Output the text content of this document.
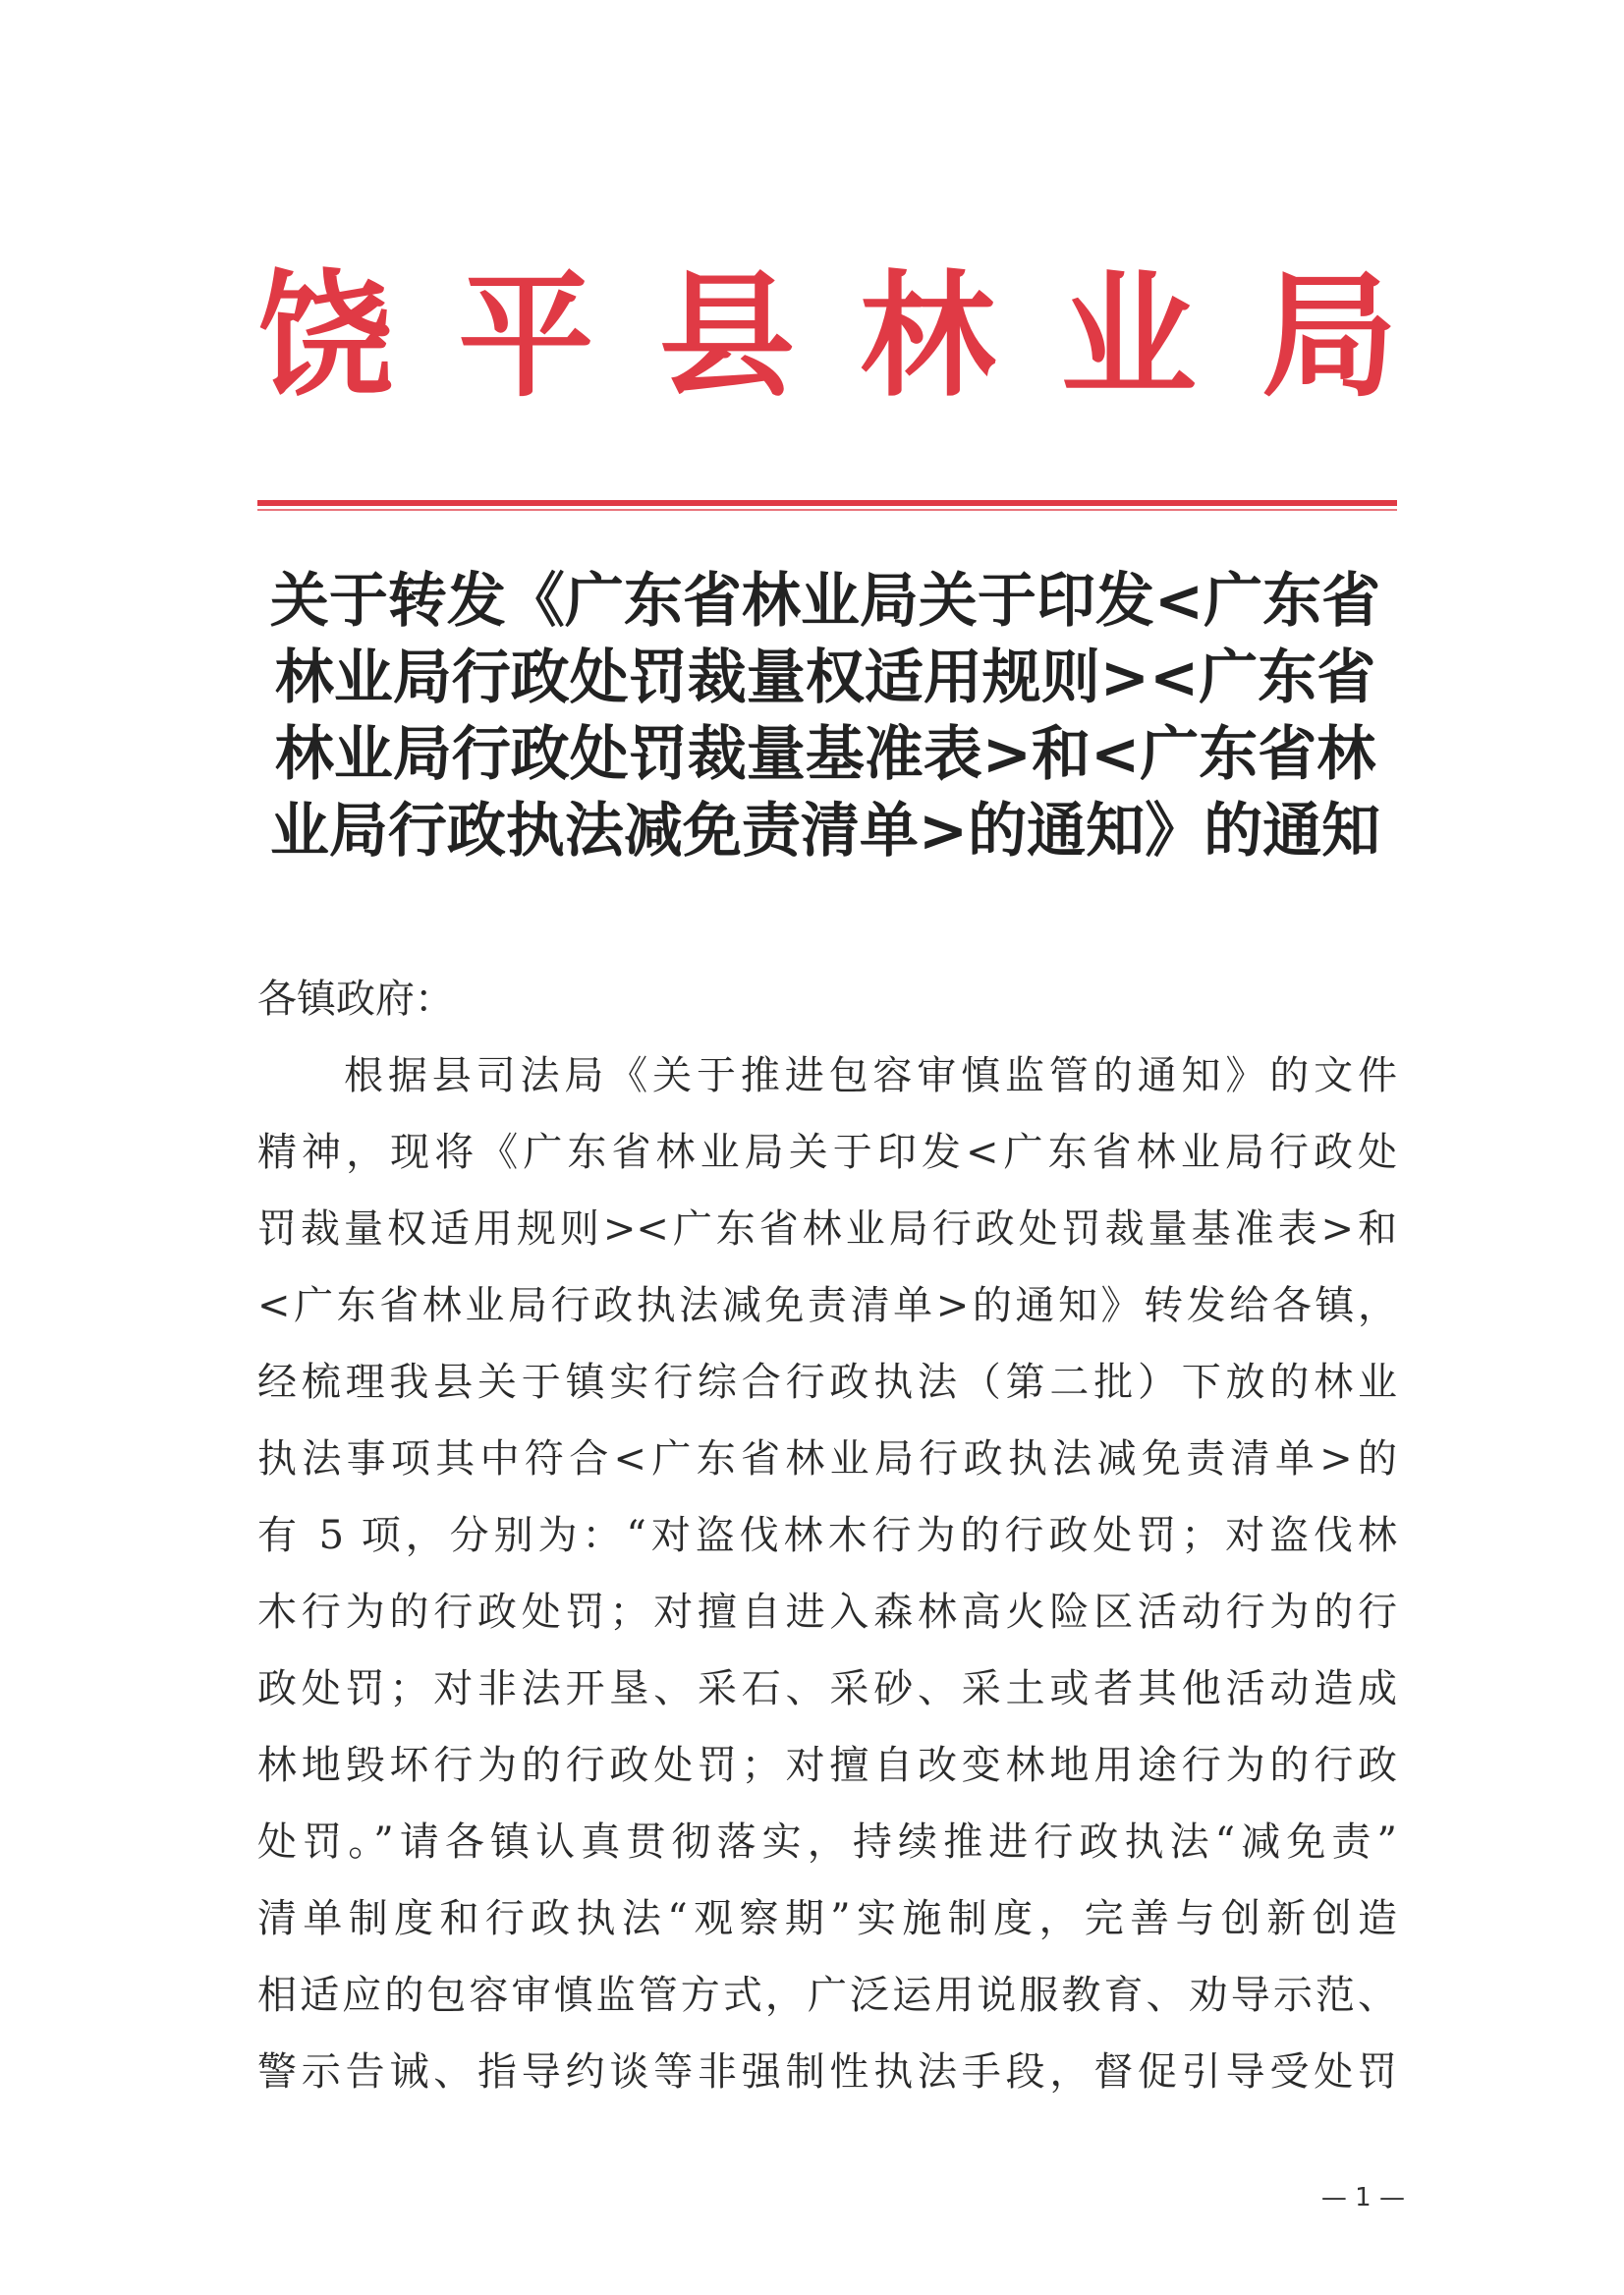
饶 平 县 林 业 局
关于转发《广东省林业局关于印发<广东省
林业局行政处罚裁量权适用规则><广东省
林业局行政处罚裁量基准表>和<广东省林
业局行政执法减免责清单>的通知》的通知
各镇政府：
根据县司法局《关于推进包容审慎监管的通知》的文件
精神，现将《广东省林业局关于印发<广东省林业局行政处
罚裁量权适用规则><广东省林业局行政处罚裁量基准表>和
<广东省林业局行政执法减免责清单>的通知》转发给各镇，
经梳理我县关于镇实行综合行政执法（第二批）下放的林业
执法事项其中符合<广东省林业局行政执法减免责清单>的
有 5 项，分别为：“对盗伐林木行为的行政处罚；对盗伐林
木行为的行政处罚；对擅自进入森林高火险区活动行为的行
政处罚；对非法开垦、采石、采砂、采土或者其他活动造成
林地毁坏行为的行政处罚；对擅自改变林地用途行为的行政
处罚。”请各镇认真贯彻落实，持续推进行政执法“减免责”
清单制度和行政执法“观察期”实施制度，完善与创新创造
相适应的包容审慎监管方式，广泛运用说服教育、劝导示范、
警示告诫、指导约谈等非强制性执法手段，督促引导受处罚
— 1 —
